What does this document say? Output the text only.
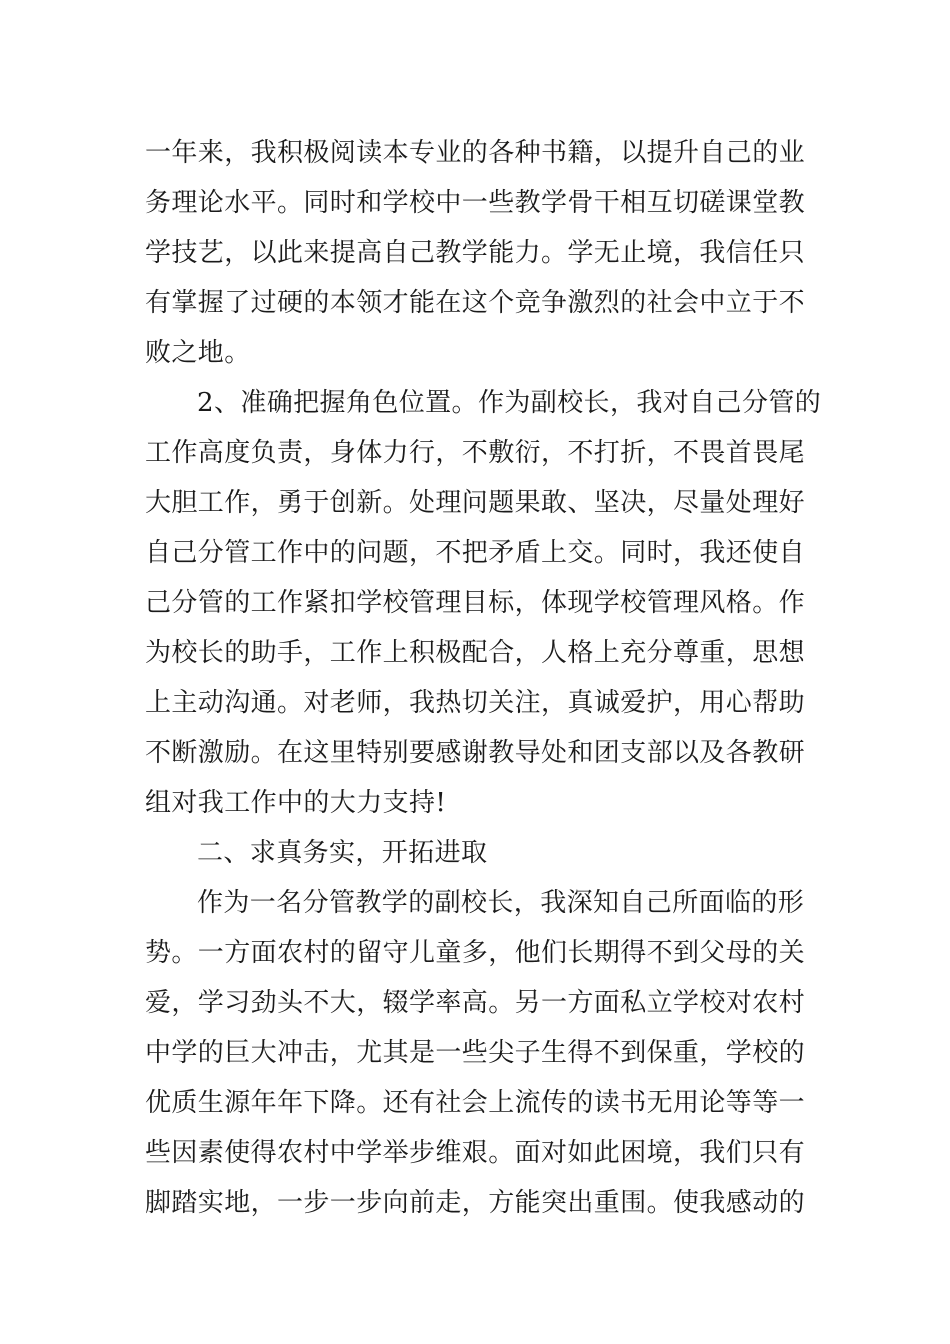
一年来，我积极阅读本专业的各种书籍，以提升自己的业
务理论水平。同时和学校中一些教学骨干相互切磋课堂教
学技艺，以此来提高自己教学能力。学无止境，我信任只
有掌握了过硬的本领才能在这个竞争激烈的社会中立于不
败之地。
2、准确把握角色位置。作为副校长，我对自己分管的
工作高度负责，身体力行，不敷衍，不打折，不畏首畏尾
大胆工作，勇于创新。处理问题果敢、坚决，尽量处理好
自己分管工作中的问题，不把矛盾上交。同时，我还使自
己分管的工作紧扣学校管理目标，体现学校管理风格。作
为校长的助手，工作上积极配合，人格上充分尊重，思想
上主动沟通。对老师，我热切关注，真诚爱护，用心帮助
不断激励。在这里特别要感谢教导处和团支部以及各教研
组对我工作中的大力支持!
二、求真务实，开拓进取
作为一名分管教学的副校长，我深知自己所面临的形
势。一方面农村的留守儿童多，他们长期得不到父母的关
爱，学习劲头不大，辍学率高。另一方面私立学校对农村
中学的巨大冲击，尤其是一些尖子生得不到保重，学校的
优质生源年年下降。还有社会上流传的读书无用论等等一
些因素使得农村中学举步维艰。面对如此困境，我们只有
脚踏实地，一步一步向前走，方能突出重围。使我感动的
